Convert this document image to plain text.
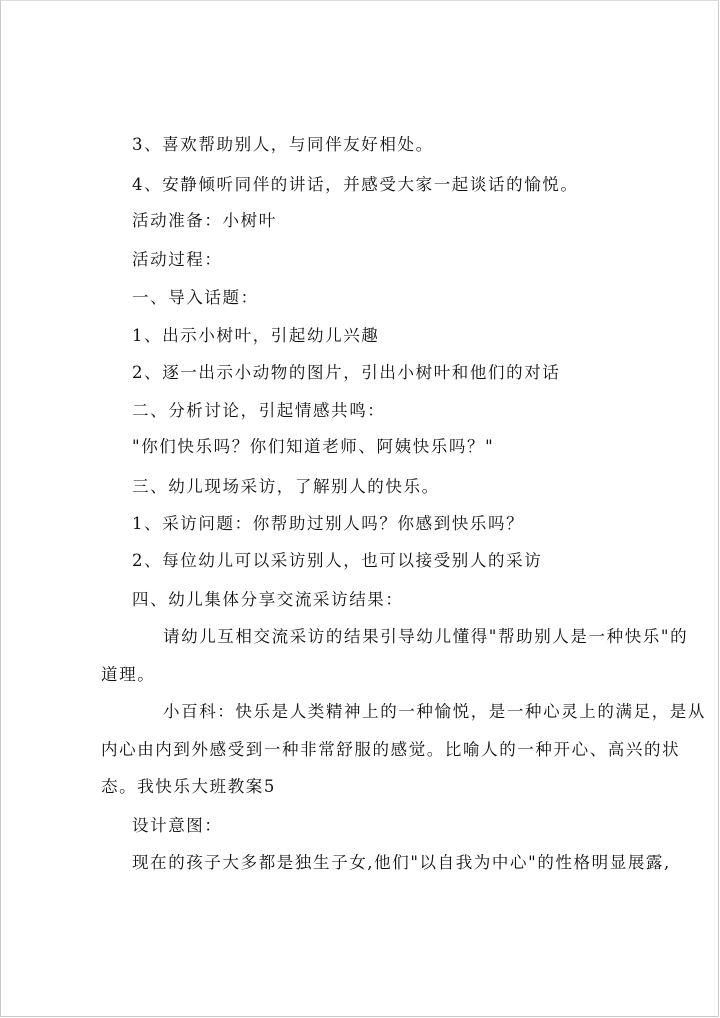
3、喜欢帮助别人，与同伴友好相处。
4、安静倾听同伴的讲话，并感受大家一起谈话的愉悦。
活动准备：小树叶
活动过程：
一、导入话题：
1、出示小树叶，引起幼儿兴趣
2、逐一出示小动物的图片，引出小树叶和他们的对话
二、分析讨论，引起情感共鸣：
"你们快乐吗？你们知道老师、阿姨快乐吗？"
三、幼儿现场采访，了解别人的快乐。
1、采访问题：你帮助过别人吗？你感到快乐吗？
2、每位幼儿可以采访别人，也可以接受别人的采访
四、幼儿集体分享交流采访结果：
请幼儿互相交流采访的结果引导幼儿懂得"帮助别人是一种快乐"的
道理。
小百科：快乐是人类精神上的一种愉悦，是一种心灵上的满足，是从
内心由内到外感受到一种非常舒服的感觉。比喻人的一种开心、高兴的状
态。我快乐大班教案5
设计意图：
现在的孩子大多都是独生子女,他们"以自我为中心"的性格明显展露,
